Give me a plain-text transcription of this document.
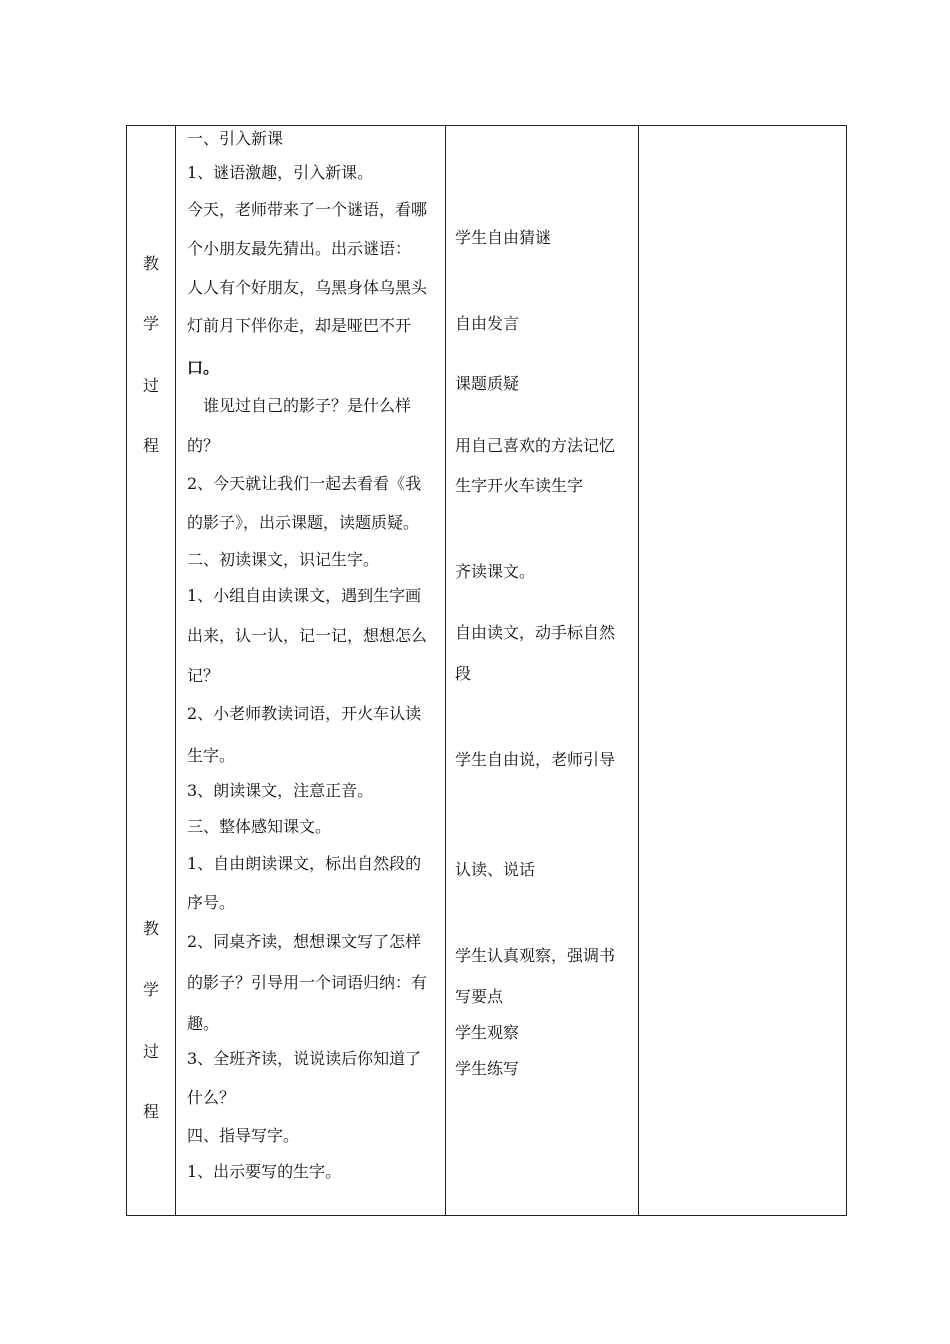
教
学
过
程
教
学
过
程
一、引入新课
1、谜语激趣，引入新课。
今天，老师带来了一个谜语，看哪
个小朋友最先猜出。出示谜语：
人人有个好朋友，乌黑身体乌黑头
灯前月下伴你走，却是哑巴不开
口。
谁见过自己的影子？是什么样
的？
2、今天就让我们一起去看看《我
的影子》，出示课题，读题质疑。
二、初读课文，识记生字。
1、小组自由读课文，遇到生字画
出来，认一认，记一记，想想怎么
记？
2、小老师教读词语，开火车认读
生字。
3、朗读课文，注意正音。
三、整体感知课文。
1、自由朗读课文，标出自然段的
序号。
2、同桌齐读，想想课文写了怎样
的影子？引导用一个词语归纳：有
趣。
3、全班齐读，说说读后你知道了
什么？
四、指导写字。
1、出示要写的生字。
学生自由猜谜
自由发言
课题质疑
用自己喜欢的方法记忆
生字开火车读生字
齐读课文。
自由读文，动手标自然
段
学生自由说，老师引导
认读、说话
学生认真观察，强调书
写要点
学生观察
学生练写
